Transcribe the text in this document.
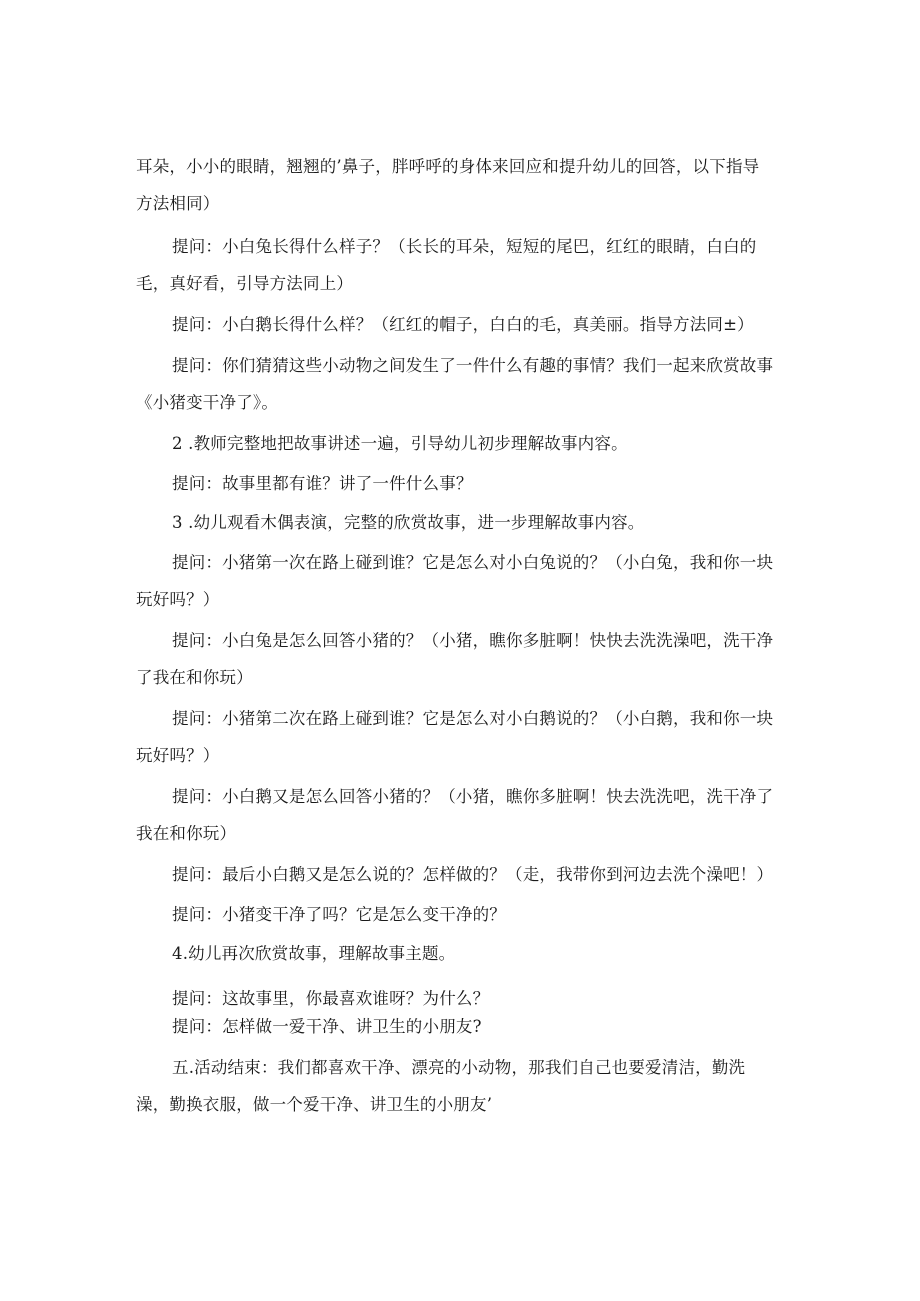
耳朵，小小的眼睛，翘翘的’鼻子，胖呼呼的身体来回应和提升幼儿的回答，以下指导

方法相同）

提问：小白兔长得什么样子？（长长的耳朵，短短的尾巴，红红的眼睛，白白的

毛，真好看，引导方法同上）

提问：小白鹅长得什么样？（红红的帽子，白白的毛，真美丽。指导方法同±）

提问：你们猜猜这些小动物之间发生了一件什么有趣的事情？我们一起来欣赏故事

《小猪变干净了》。

2 .教师完整地把故事讲述一遍，引导幼儿初步理解故事内容。

提问：故事里都有谁？讲了一件什么事？

3 .幼儿观看木偶表演，完整的欣赏故事，进一步理解故事内容。

提问：小猪第一次在路上碰到谁？它是怎么对小白兔说的？（小白兔，我和你一块

玩好吗？）

提问：小白兔是怎么回答小猪的？（小猪，瞧你多脏啊！快快去洗洗澡吧，洗干净

了我在和你玩）

提问：小猪第二次在路上碰到谁？它是怎么对小白鹅说的？（小白鹅，我和你一块

玩好吗？）

提问：小白鹅又是怎么回答小猪的？（小猪，瞧你多脏啊！快去洗洗吧，洗干净了

我在和你玩）

提问：最后小白鹅又是怎么说的？怎样做的？（走，我带你到河边去洗个澡吧！）

提问：小猪变干净了吗？它是怎么变干净的？

4.幼儿再次欣赏故事，理解故事主题。

提问：这故事里，你最喜欢谁呀？为什么？

提问：怎样做一爱干净、讲卫生的小朋友?

五.活动结束：我们都喜欢干净、漂亮的小动物，那我们自己也要爱清洁，勤洗

澡，勤换衣服，做一个爱干净、讲卫生的小朋友’
